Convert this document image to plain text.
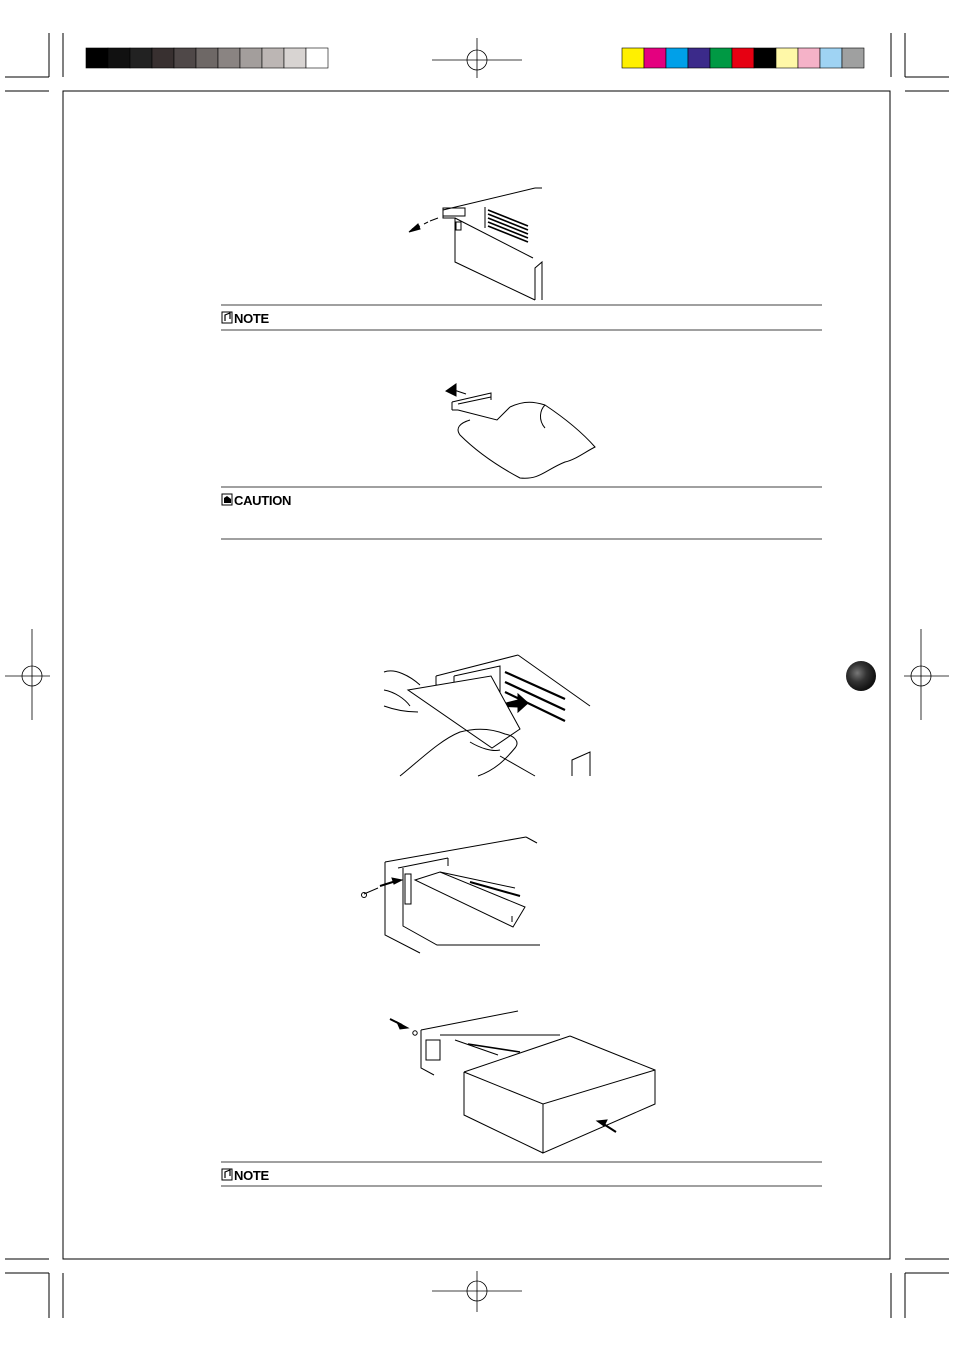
NOTE
CAUTION
NOTE
